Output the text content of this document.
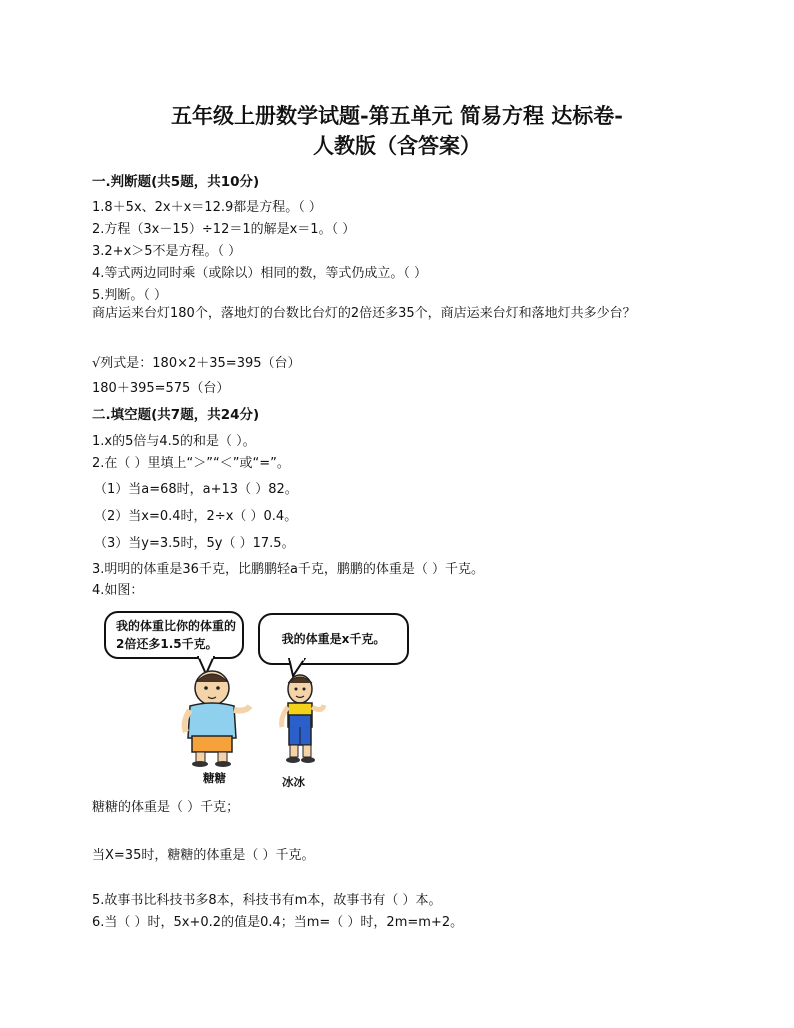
五年级上册数学试题-第五单元 简易方程 达标卷-
人教版（含答案）
一.判断题(共5题，共10分)
1.8＋5x、2x＋x＝12.9都是方程。（ ）
2.方程（3x－15）÷12＝1的解是x＝1。（ ）
3.2+x＞5不是方程。（ ）
4.等式两边同时乘（或除以）相同的数，等式仍成立。（ ）
5.判断。（ ）
商店运来台灯180个，落地灯的台数比台灯的2倍还多35个，商店运来台灯和落地灯共多少台？
√列式是：180×2＋35=395（台）
180＋395=575（台）
二.填空题(共7题，共24分)
1.x的5倍与4.5的和是（ ）。
2.在（ ）里填上“＞”“＜”或“=”。
（1）当a=68时，a+13（ ）82。
（2）当x=0.4时，2÷x（ ）0.4。
（3）当y=3.5时，5y（ ）17.5。
3.明明的体重是36千克，比鹏鹏轻a千克，鹏鹏的体重是（ ）千克。
4.如图：
我的体重比你的体重的2倍还多1.5千克。	我的体重是x千克。
糖糖	冰冰
糖糖的体重是（ ）千克；
当X=35时，糖糖的体重是（ ）千克。
5.故事书比科技书多8本，科技书有m本，故事书有（ ）本。
6.当（ ）时，5x+0.2的值是0.4；当m=（ ）时，2m=m+2。
